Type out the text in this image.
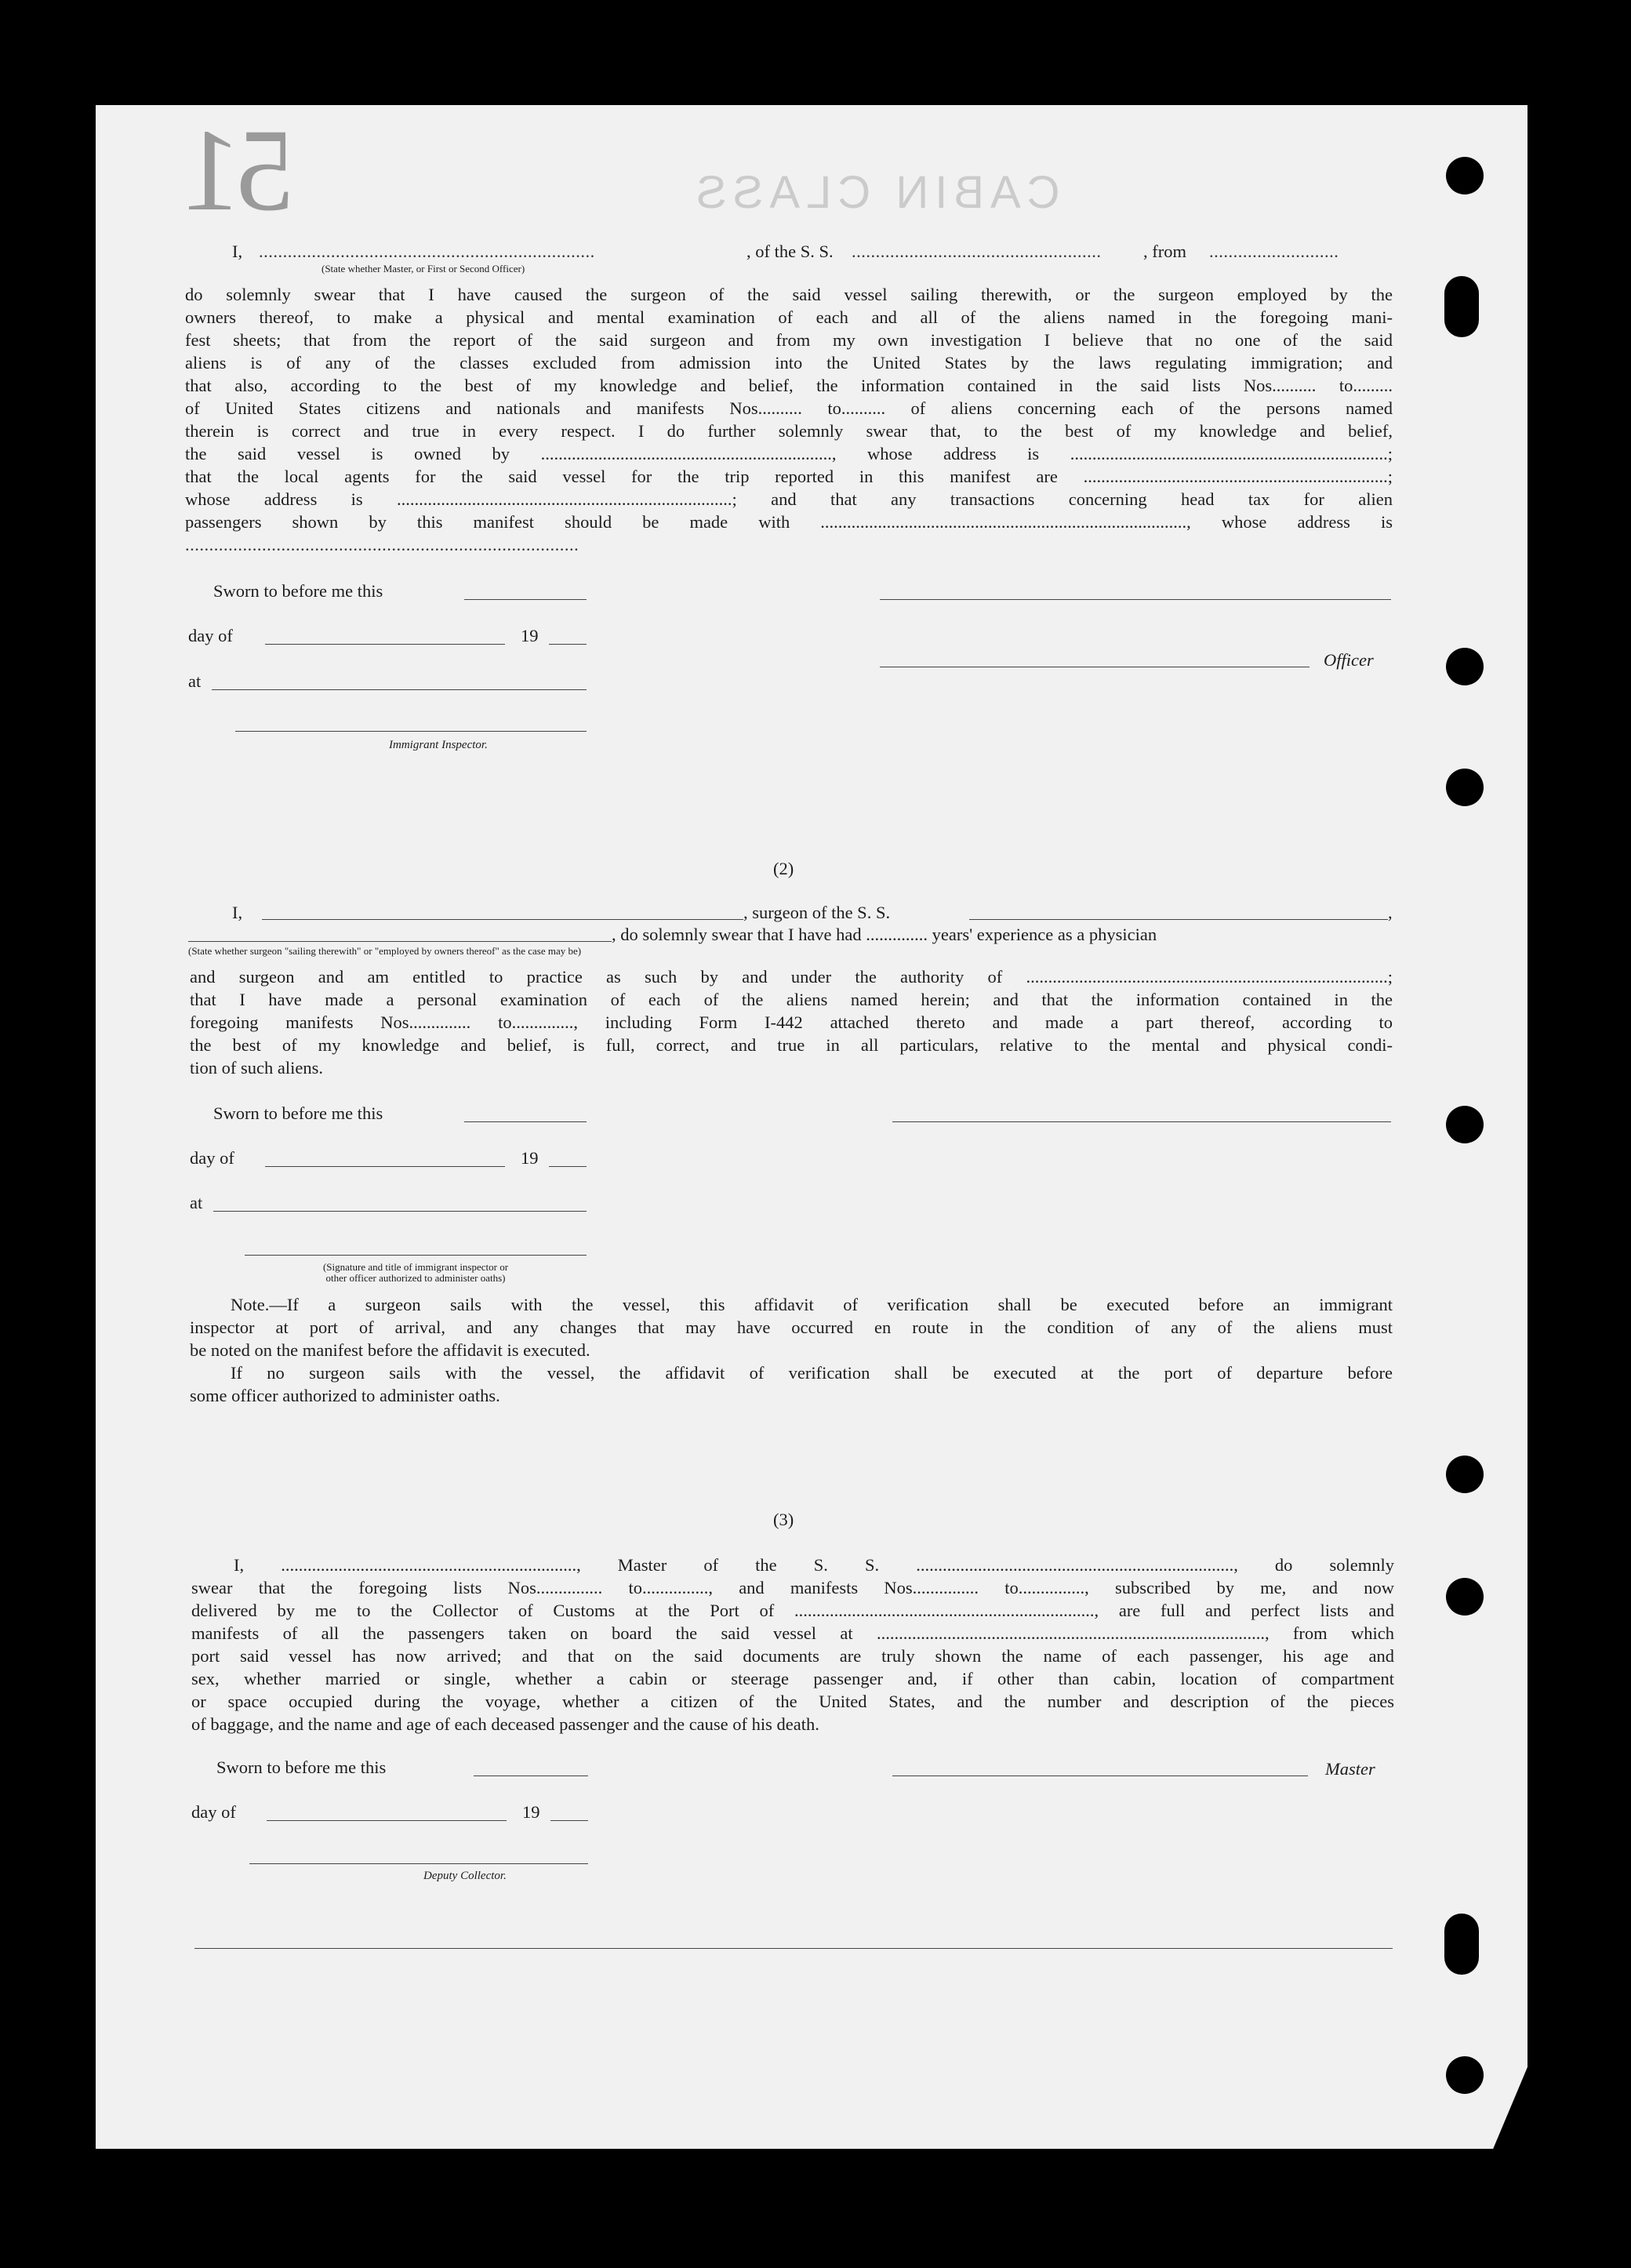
51	CABIN CLASS
I, ......................................................................	, of the S. S. .................................................... , from ...........................
(State whether Master, or First or Second Officer)
do solemnly swear that I have caused the surgeon of the said vessel sailing therewith, or the surgeon employed by the
owners thereof, to make a physical and mental examination of each and all of the aliens named in the foregoing mani-
fest sheets; that from the report of the said surgeon and from my own investigation I believe that no one of the said
aliens is of any of the classes excluded from admission into the United States by the laws regulating immigration; and
that also, according to the best of my knowledge and belief, the information contained in the said lists Nos.......... to.........
of United States citizens and nationals and manifests Nos.......... to.......... of aliens concerning each of the persons named
therein is correct and true in every respect. I do further solemnly swear that, to the best of my knowledge and belief,
the said vessel is owned by .................................................................., whose address is ........................................................................;
that the local agents for the said vessel for the trip reported in this manifest are .....................................................................;
whose address is ............................................................................; and that any transactions concerning head tax for alien
passengers shown by this manifest should be made with ..................................................................................., whose address is
..................................................................................
Sworn to before me this
day of	19
Officer
at
Immigrant Inspector.
(2)
I,	, surgeon of the S. S.	,
, do solemnly swear that I have had .............. years' experience as a physician
(State whether surgeon "sailing therewith" or "employed by owners thereof" as the case may be)
and surgeon and am entitled to practice as such by and under the authority of ..................................................................................;
that I have made a personal examination of each of the aliens named herein; and that the information contained in the
foregoing manifests Nos.............. to.............., including Form I-442 attached thereto and made a part thereof, according to
the best of my knowledge and belief, is full, correct, and true in all particulars, relative to the mental and physical condi-
tion of such aliens.
Sworn to before me this
day of	19
at
(Signature and title of immigrant inspector or
other officer authorized to administer oaths)
Note.—If a surgeon sails with the vessel, this affidavit of verification shall be executed before an immigrant
inspector at port of arrival, and any changes that may have occurred en route in the condition of any of the aliens must
be noted on the manifest before the affidavit is executed.
If no surgeon sails with the vessel, the affidavit of verification shall be executed at the port of departure before
some officer authorized to administer oaths.
(3)
I, ..................................................................., Master of the S. S. ........................................................................, do solemnly
swear that the foregoing lists Nos............... to..............., and manifests Nos............... to..............., subscribed by me, and now
delivered by me to the Collector of Customs at the Port of ...................................................................., are full and perfect lists and
manifests of all the passengers taken on board the said vessel at ........................................................................................, from which
port said vessel has now arrived; and that on the said documents are truly shown the name of each passenger, his age and
sex, whether married or single, whether a cabin or steerage passenger and, if other than cabin, location of compartment
or space occupied during the voyage, whether a citizen of the United States, and the number and description of the pieces
of baggage, and the name and age of each deceased passenger and the cause of his death.
Sworn to before me this	Master
day of	19
Deputy Collector.
